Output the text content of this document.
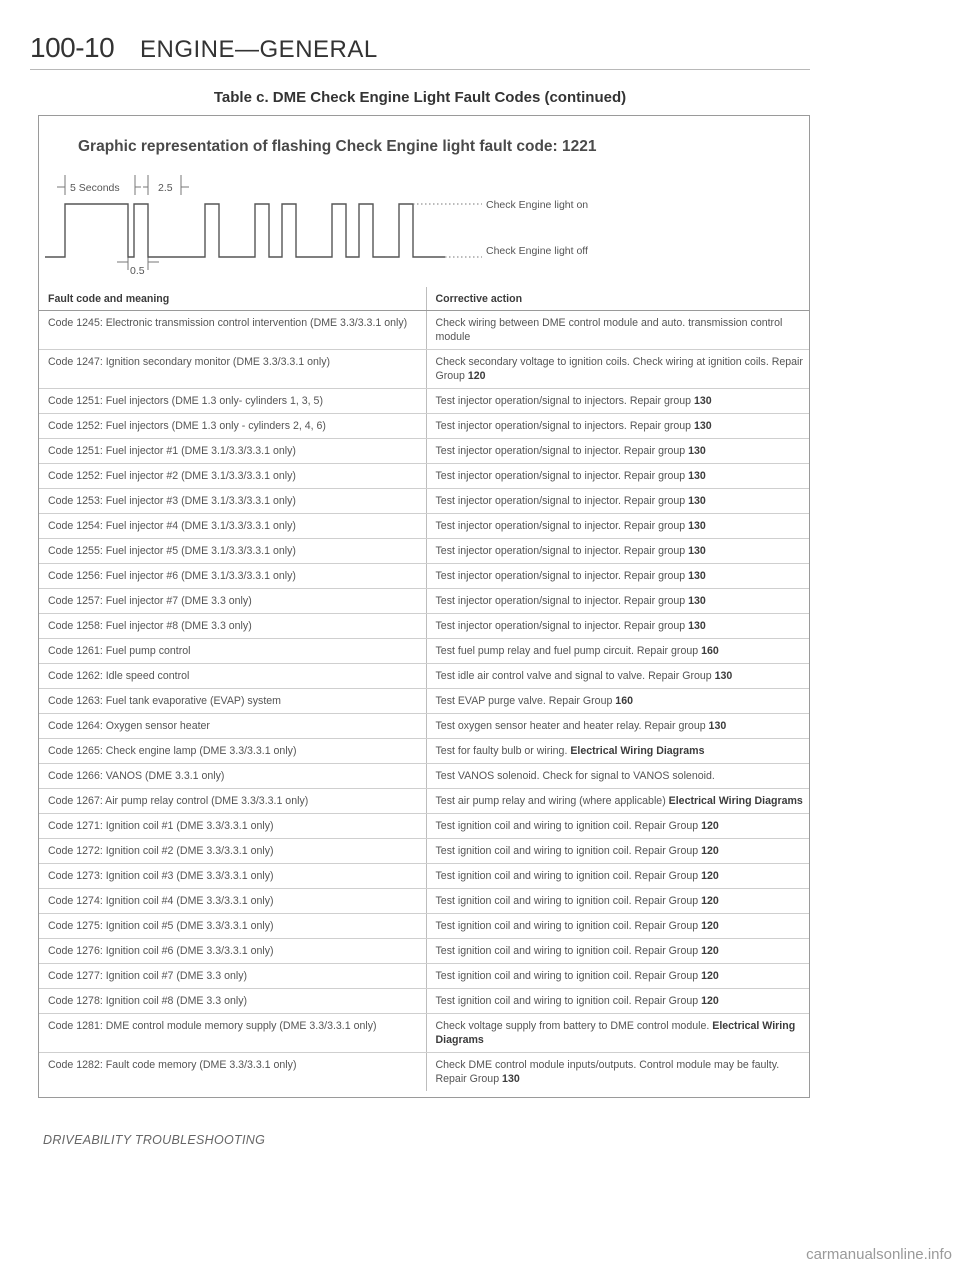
100-10 ENGINE—GENERAL
Table c. DME Check Engine Light Fault Codes (continued)
Graphic representation of flashing Check Engine light fault code: 1221
5 Seconds	2.5
0.5
Check Engine light on
Check Engine light off
Fault code and meaning	Corrective action
Code 1245: Electronic transmission control intervention (DME 3.3/3.3.1 only)	Check wiring between DME control module and auto. transmission control module
Code 1247: Ignition secondary monitor (DME 3.3/3.3.1 only)	Check secondary voltage to ignition coils. Check wiring at ignition coils. Repair Group 120
Code 1251: Fuel injectors (DME 1.3 only- cylinders 1, 3, 5)	Test injector operation/signal to injectors. Repair group 130
Code 1252: Fuel injectors (DME 1.3 only - cylinders 2, 4, 6)	Test injector operation/signal to injectors. Repair group 130
Code 1251: Fuel injector #1 (DME 3.1/3.3/3.3.1 only)	Test injector operation/signal to injector. Repair group 130
Code 1252: Fuel injector #2 (DME 3.1/3.3/3.3.1 only)	Test injector operation/signal to injector. Repair group 130
Code 1253: Fuel injector #3 (DME 3.1/3.3/3.3.1 only)	Test injector operation/signal to injector. Repair group 130
Code 1254: Fuel injector #4 (DME 3.1/3.3/3.3.1 only)	Test injector operation/signal to injector. Repair group 130
Code 1255: Fuel injector #5 (DME 3.1/3.3/3.3.1 only)	Test injector operation/signal to injector. Repair group 130
Code 1256: Fuel injector #6 (DME 3.1/3.3/3.3.1 only)	Test injector operation/signal to injector. Repair group 130
Code 1257: Fuel injector #7 (DME 3.3 only)	Test injector operation/signal to injector. Repair group 130
Code 1258: Fuel injector #8 (DME 3.3 only)	Test injector operation/signal to injector. Repair group 130
Code 1261: Fuel pump control	Test fuel pump relay and fuel pump circuit. Repair group 160
Code 1262: Idle speed control	Test idle air control valve and signal to valve. Repair Group 130
Code 1263: Fuel tank evaporative (EVAP) system	Test EVAP purge valve. Repair Group 160
Code 1264: Oxygen sensor heater	Test oxygen sensor heater and heater relay. Repair group 130
Code 1265: Check engine lamp (DME 3.3/3.3.1 only)	Test for faulty bulb or wiring. Electrical Wiring Diagrams
Code 1266: VANOS (DME 3.3.1 only)	Test VANOS solenoid. Check for signal to VANOS solenoid.
Code 1267: Air pump relay control (DME 3.3/3.3.1 only)	Test air pump relay and wiring (where applicable) Electrical Wiring Diagrams
Code 1271: Ignition coil #1 (DME 3.3/3.3.1 only)	Test ignition coil and wiring to ignition coil. Repair Group 120
Code 1272: Ignition coil #2 (DME 3.3/3.3.1 only)	Test ignition coil and wiring to ignition coil. Repair Group 120
Code 1273: Ignition coil #3 (DME 3.3/3.3.1 only)	Test ignition coil and wiring to ignition coil. Repair Group 120
Code 1274: Ignition coil #4 (DME 3.3/3.3.1 only)	Test ignition coil and wiring to ignition coil. Repair Group 120
Code 1275: Ignition coil #5 (DME 3.3/3.3.1 only)	Test ignition coil and wiring to ignition coil. Repair Group 120
Code 1276: Ignition coil #6 (DME 3.3/3.3.1 only)	Test ignition coil and wiring to ignition coil. Repair Group 120
Code 1277: Ignition coil #7 (DME 3.3 only)	Test ignition coil and wiring to ignition coil. Repair Group 120
Code 1278: Ignition coil #8 (DME 3.3 only)	Test ignition coil and wiring to ignition coil. Repair Group 120
Code 1281: DME control module memory supply (DME 3.3/3.3.1 only)	Check voltage supply from battery to DME control module. Electrical Wiring Diagrams
Code 1282: Fault code memory (DME 3.3/3.3.1 only)	Check DME control module inputs/outputs. Control module may be faulty. Repair Group 130
DRIVEABILITY TROUBLESHOOTING
carmanualsonline.info
